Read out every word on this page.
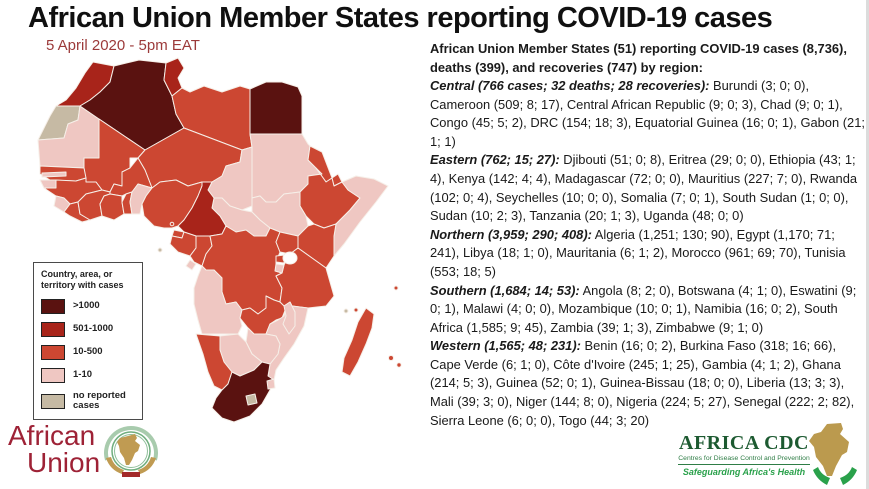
African Union Member States reporting COVID-19 cases
5 April 2020 - 5pm EAT
Country, area, or territory with cases
>1000
501-1000
10-500
1-10
no reported cases

African Union Member States (51) reporting COVID-19 cases (8,736), deaths (399), and recoveries (747) by region:

Central (766 cases; 32 deaths; 28 recoveries): Burundi (3; 0; 0), Cameroon (509; 8; 17), Central African Republic (9; 0; 3), Chad (9; 0; 1), Congo (45; 5; 2), DRC (154; 18; 3), Equatorial Guinea (16; 0; 1), Gabon (21; 1; 1)

Eastern (762; 15; 27): Djibouti (51; 0; 8), Eritrea (29; 0; 0), Ethiopia (43; 1; 4), Kenya (142; 4; 4), Madagascar (72; 0; 0), Mauritius (227; 7; 0), Rwanda (102; 0; 4), Seychelles (10; 0; 0), Somalia (7; 0; 1), South Sudan (1; 0; 0), Sudan (10; 2; 3), Tanzania (20; 1; 3), Uganda (48; 0; 0)

Northern (3,959; 290; 408): Algeria (1,251; 130; 90), Egypt (1,170; 71; 241), Libya (18; 1; 0), Mauritania (6; 1; 2), Morocco (961; 69; 70), Tunisia (553; 18; 5)

Southern (1,684; 14; 53): Angola (8; 2; 0), Botswana (4; 1; 0), Eswatini (9; 0; 1), Malawi (4; 0; 0), Mozambique (10; 0; 1), Namibia (16; 0; 2), South Africa (1,585; 9; 45), Zambia (39; 1; 3), Zimbabwe (9; 1; 0)

Western (1,565; 48; 231): Benin (16; 0; 2), Burkina Faso (318; 16; 66), Cape Verde (6; 1; 0), Côte d'Ivoire (245; 1; 25), Gambia (4; 1; 2), Ghana (214; 5; 3), Guinea (52; 0; 1), Guinea-Bissau (18; 0; 0), Liberia (13; 3; 3), Mali (39; 3; 0), Niger (144; 8; 0), Nigeria (224; 5; 27), Senegal (222; 2; 82), Sierra Leone (6; 0; 0), Togo (44; 3; 20)

African
Union
AFRICA CDC
Centres for Disease Control and Prevention
Safeguarding Africa's Health
